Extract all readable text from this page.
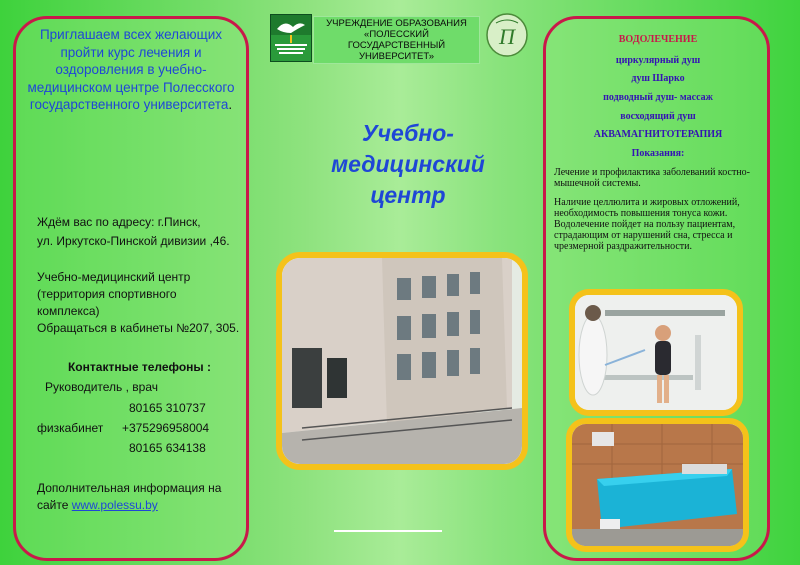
Приглашаем всех желающих пройти курс лечения и оздоровления в учебно-медицинском центре Полесского государственного университета.

Ждём вас по адресу: г.Пинск,

ул. Иркутско-Пинской дивизии ,46.

Учебно-медицинский центр (территория спортивного комплекса)

Обращаться в кабинеты №207, 305.

Контактные телефоны :

Руководитель , врач

80165 310737

физкабинет	+375296958004

80165 634138

Дополнительная информация на сайте www.polessu.by

УЧРЕЖДЕНИЕ ОБРАЗОВАНИЯ «ПОЛЕССКИЙ ГОСУДАРСТВЕННЫЙ УНИВЕРСИТЕТ»
П
Учебно-медицинский центр

ВОДОЛЕЧЕНИЕ

циркулярный душ

душ Шарко

подводный душ- массаж

восходящий душ

АКВАМАГНИТОТЕРАПИЯ

Показания:

Лечение и профилактика заболеваний костно-мышечной системы.

Наличие целлюлита и жировых отложений, необходимость повышения тонуса кожи. Водолечение пойдет на пользу пациентам, страдающим от нарушений сна, стресса и чрезмерной раздражительности.
